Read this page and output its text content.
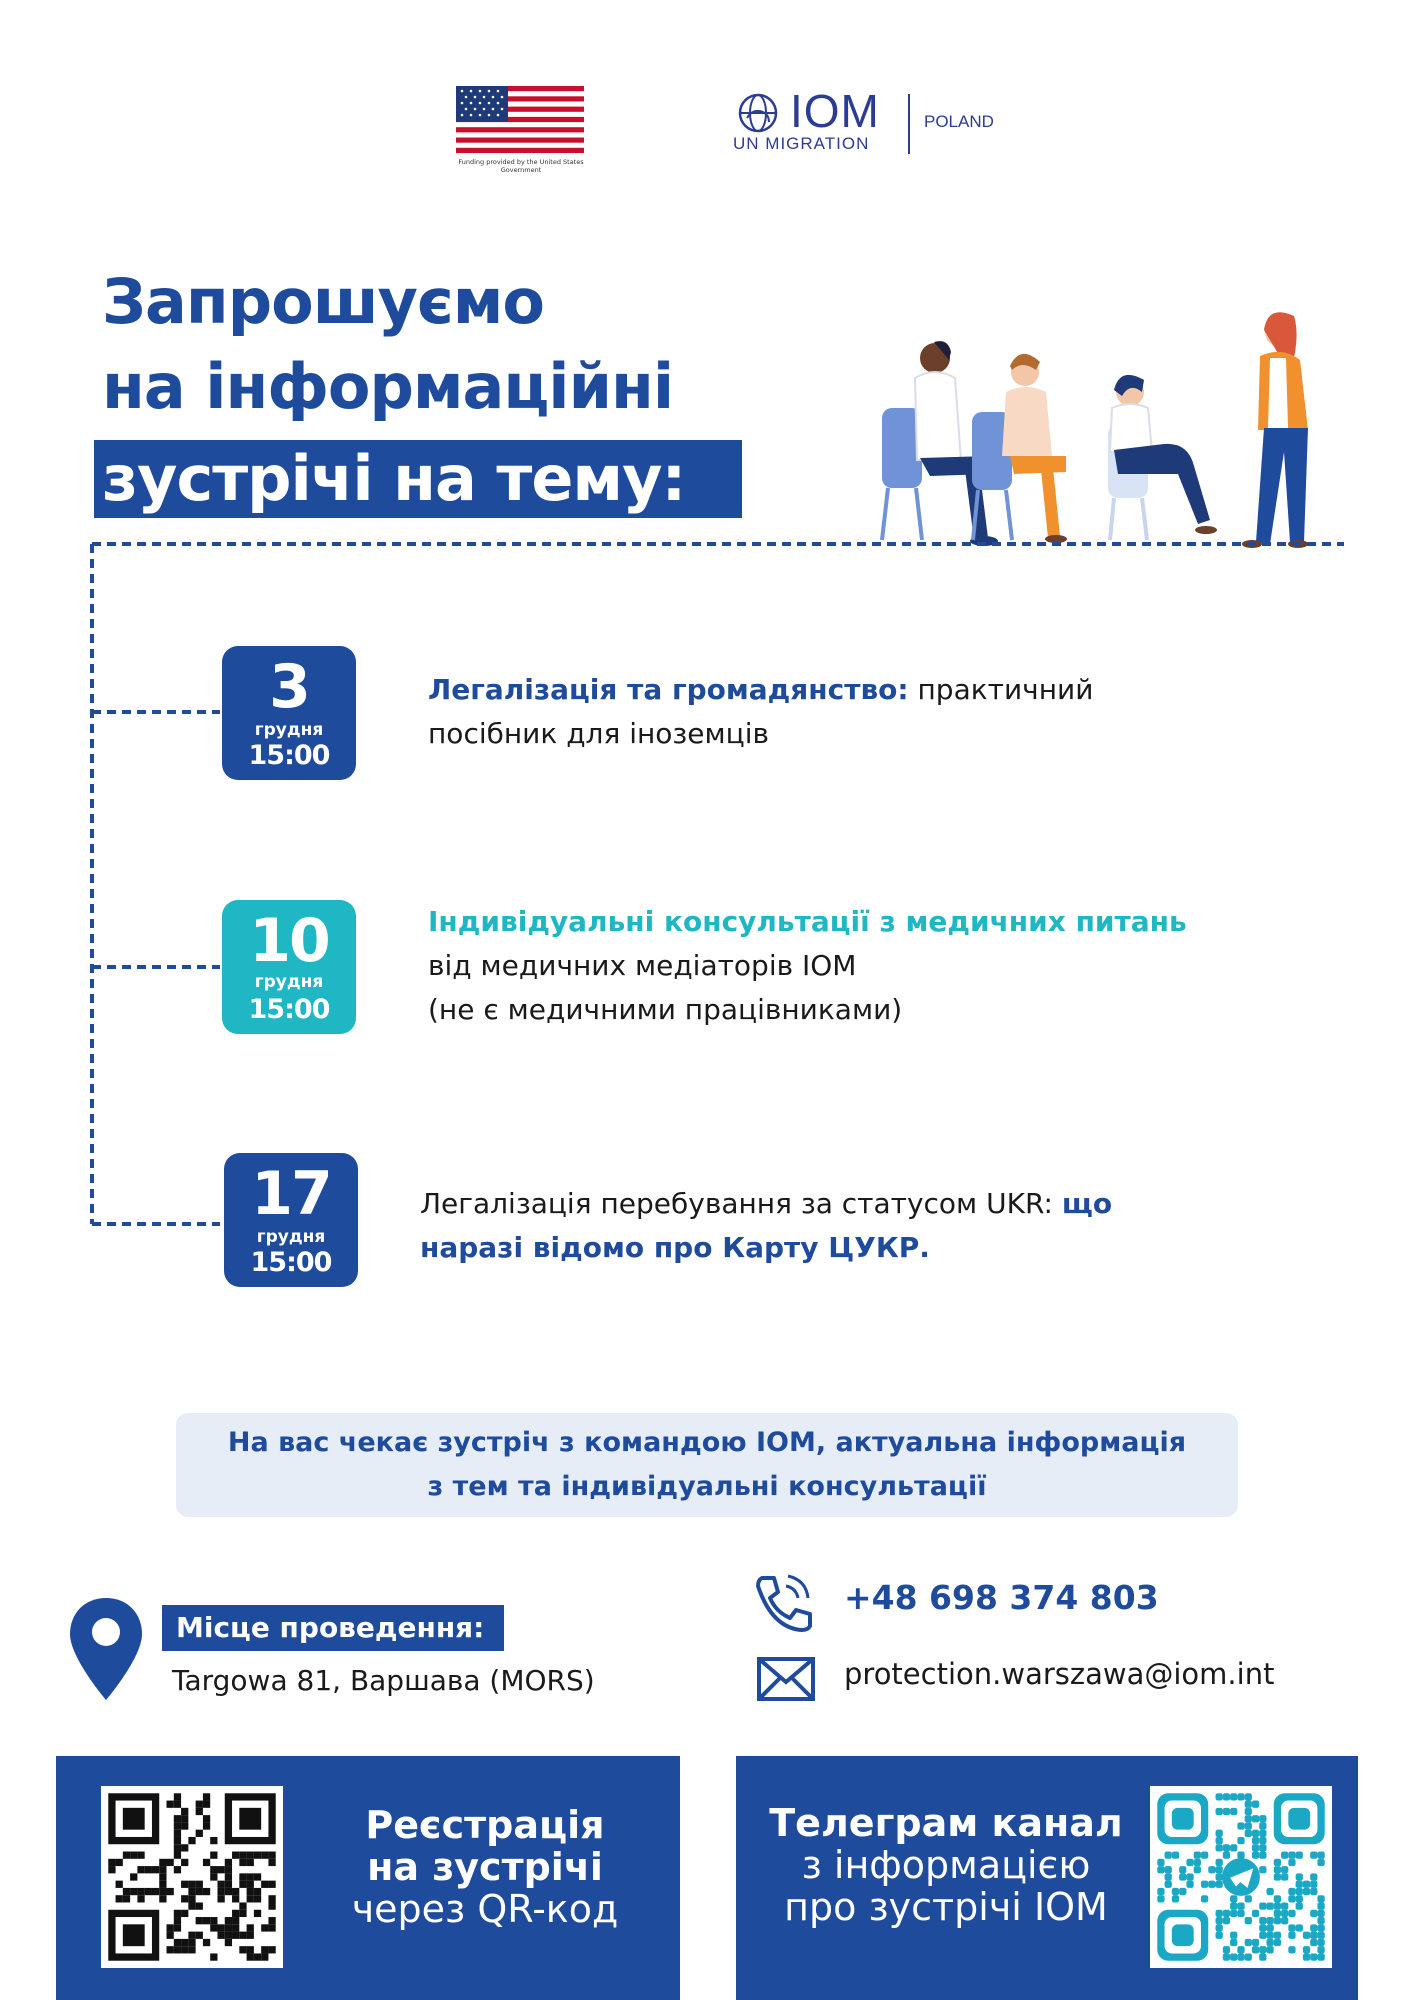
Funding provided by the United States Government
IOM
UN MIGRATION
POLAND
Запрошуємо
на інформаційні
зустрічі на тему:
3
грудня
15:00
Легалізація та громадянство: практичний
посібник для іноземців
10
грудня
15:00
Індивідуальні консультації з медичних питань
від медичних медіаторів IOM
(не є медичними працівниками)
17
грудня
15:00
Легалізація перебування за статусом UKR: що
наразі відомо про Карту ЦУКР.
На вас чекає зустріч з командою IOM, актуальна інформація
з тем та індивідуальні консультації
Місце проведення:
Targowa 81, Варшава (MORS)
+48 698 374 803
protection.warszawa@iom.int
Реєстрація
на зустрічі
через QR-код
Телеграм канал
з інформацією
про зустрічі IOM
